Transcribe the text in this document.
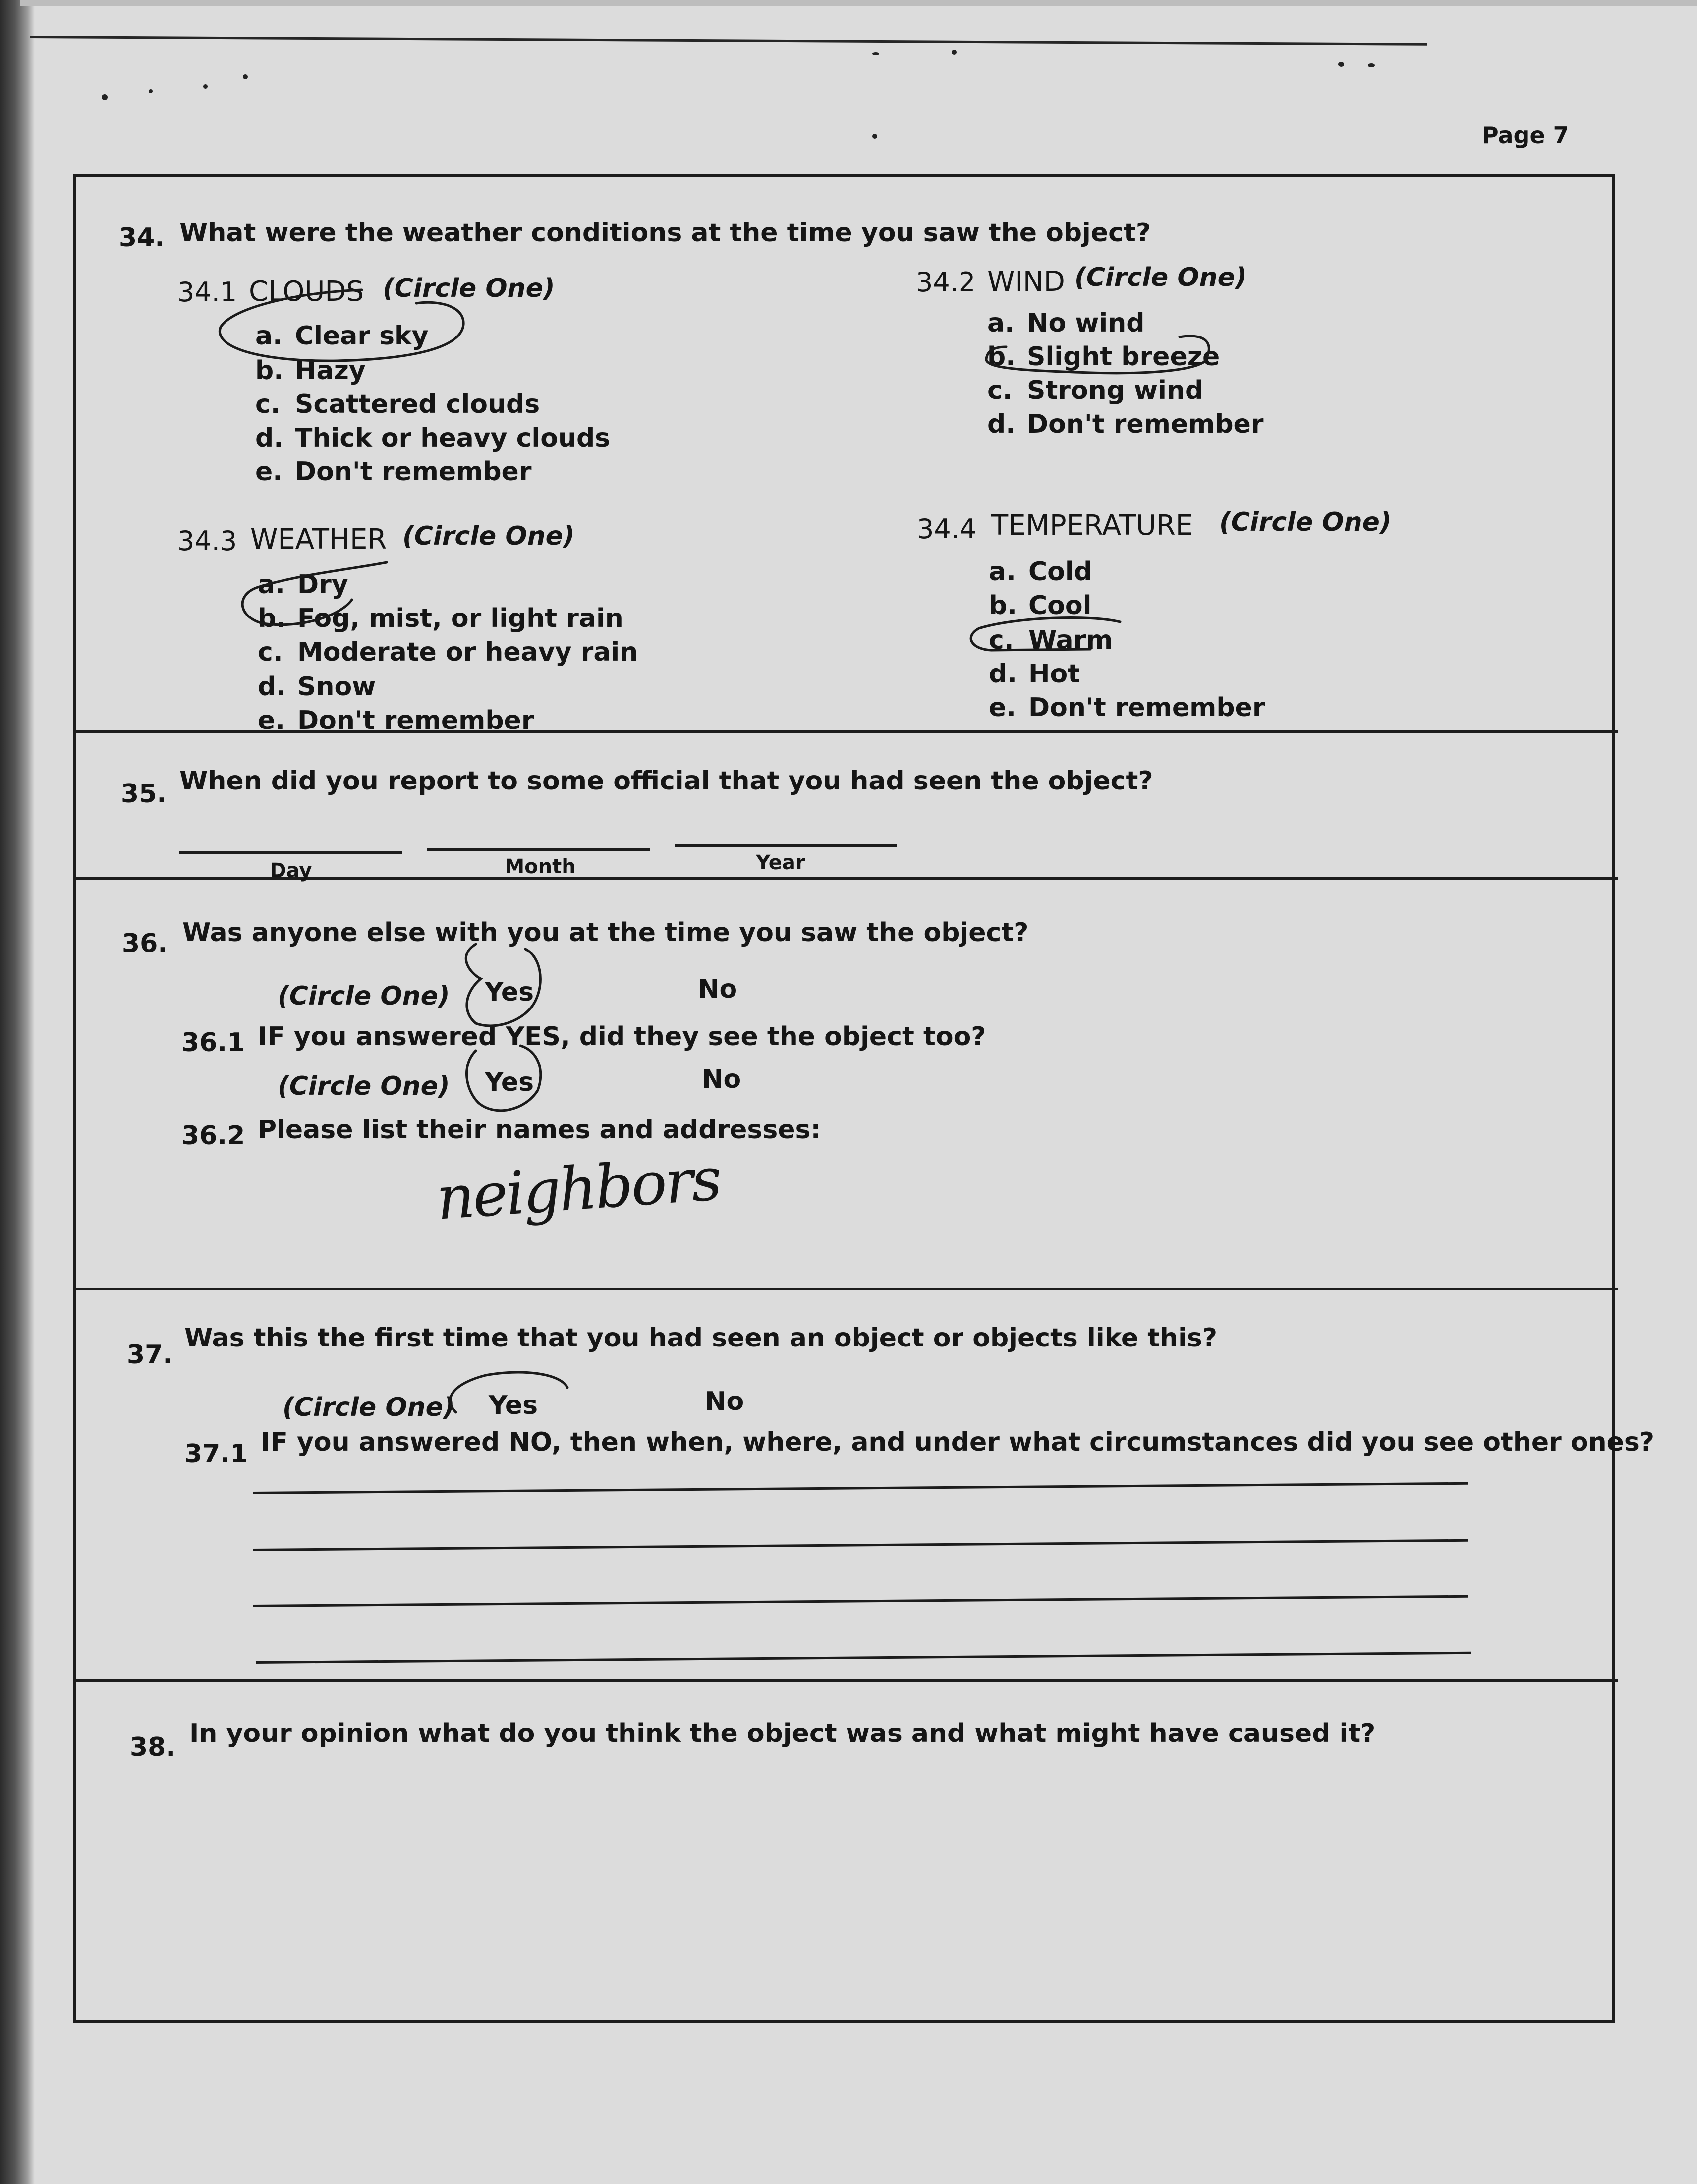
Page 7
34. What were the weather conditions at the time you saw the object?
34.1 CLOUDS (Circle One)
a. Clear sky
b. Hazy
c. Scattered clouds
d. Thick or heavy clouds
e. Don't remember
34.2 WIND (Circle One)
a. No wind
b. Slight breeze
c. Strong wind
d. Don't remember
34.3 WEATHER (Circle One)
a. Dry
b. Fog, mist, or light rain
c. Moderate or heavy rain
d. Snow
e. Don't remember
34.4 TEMPERATURE (Circle One)
a. Cold
b. Cool
c. Warm
d. Hot
e. Don't remember
35. When did you report to some official that you had seen the object?
Day	Month	Year
36. Was anyone else with you at the time you saw the object?
(Circle One) Yes	No
36.1 IF you answered YES, did they see the object too?
(Circle One) Yes	No
36.2 Please list their names and addresses:
neighbors
37.
Was this the first time that you had seen an object or objects like this?
(Circle One) Yes	No
37.1 IF you answered NO, then when, where, and under what circumstances did you see other ones?
38. In your opinion what do you think the object was and what might have caused it?
